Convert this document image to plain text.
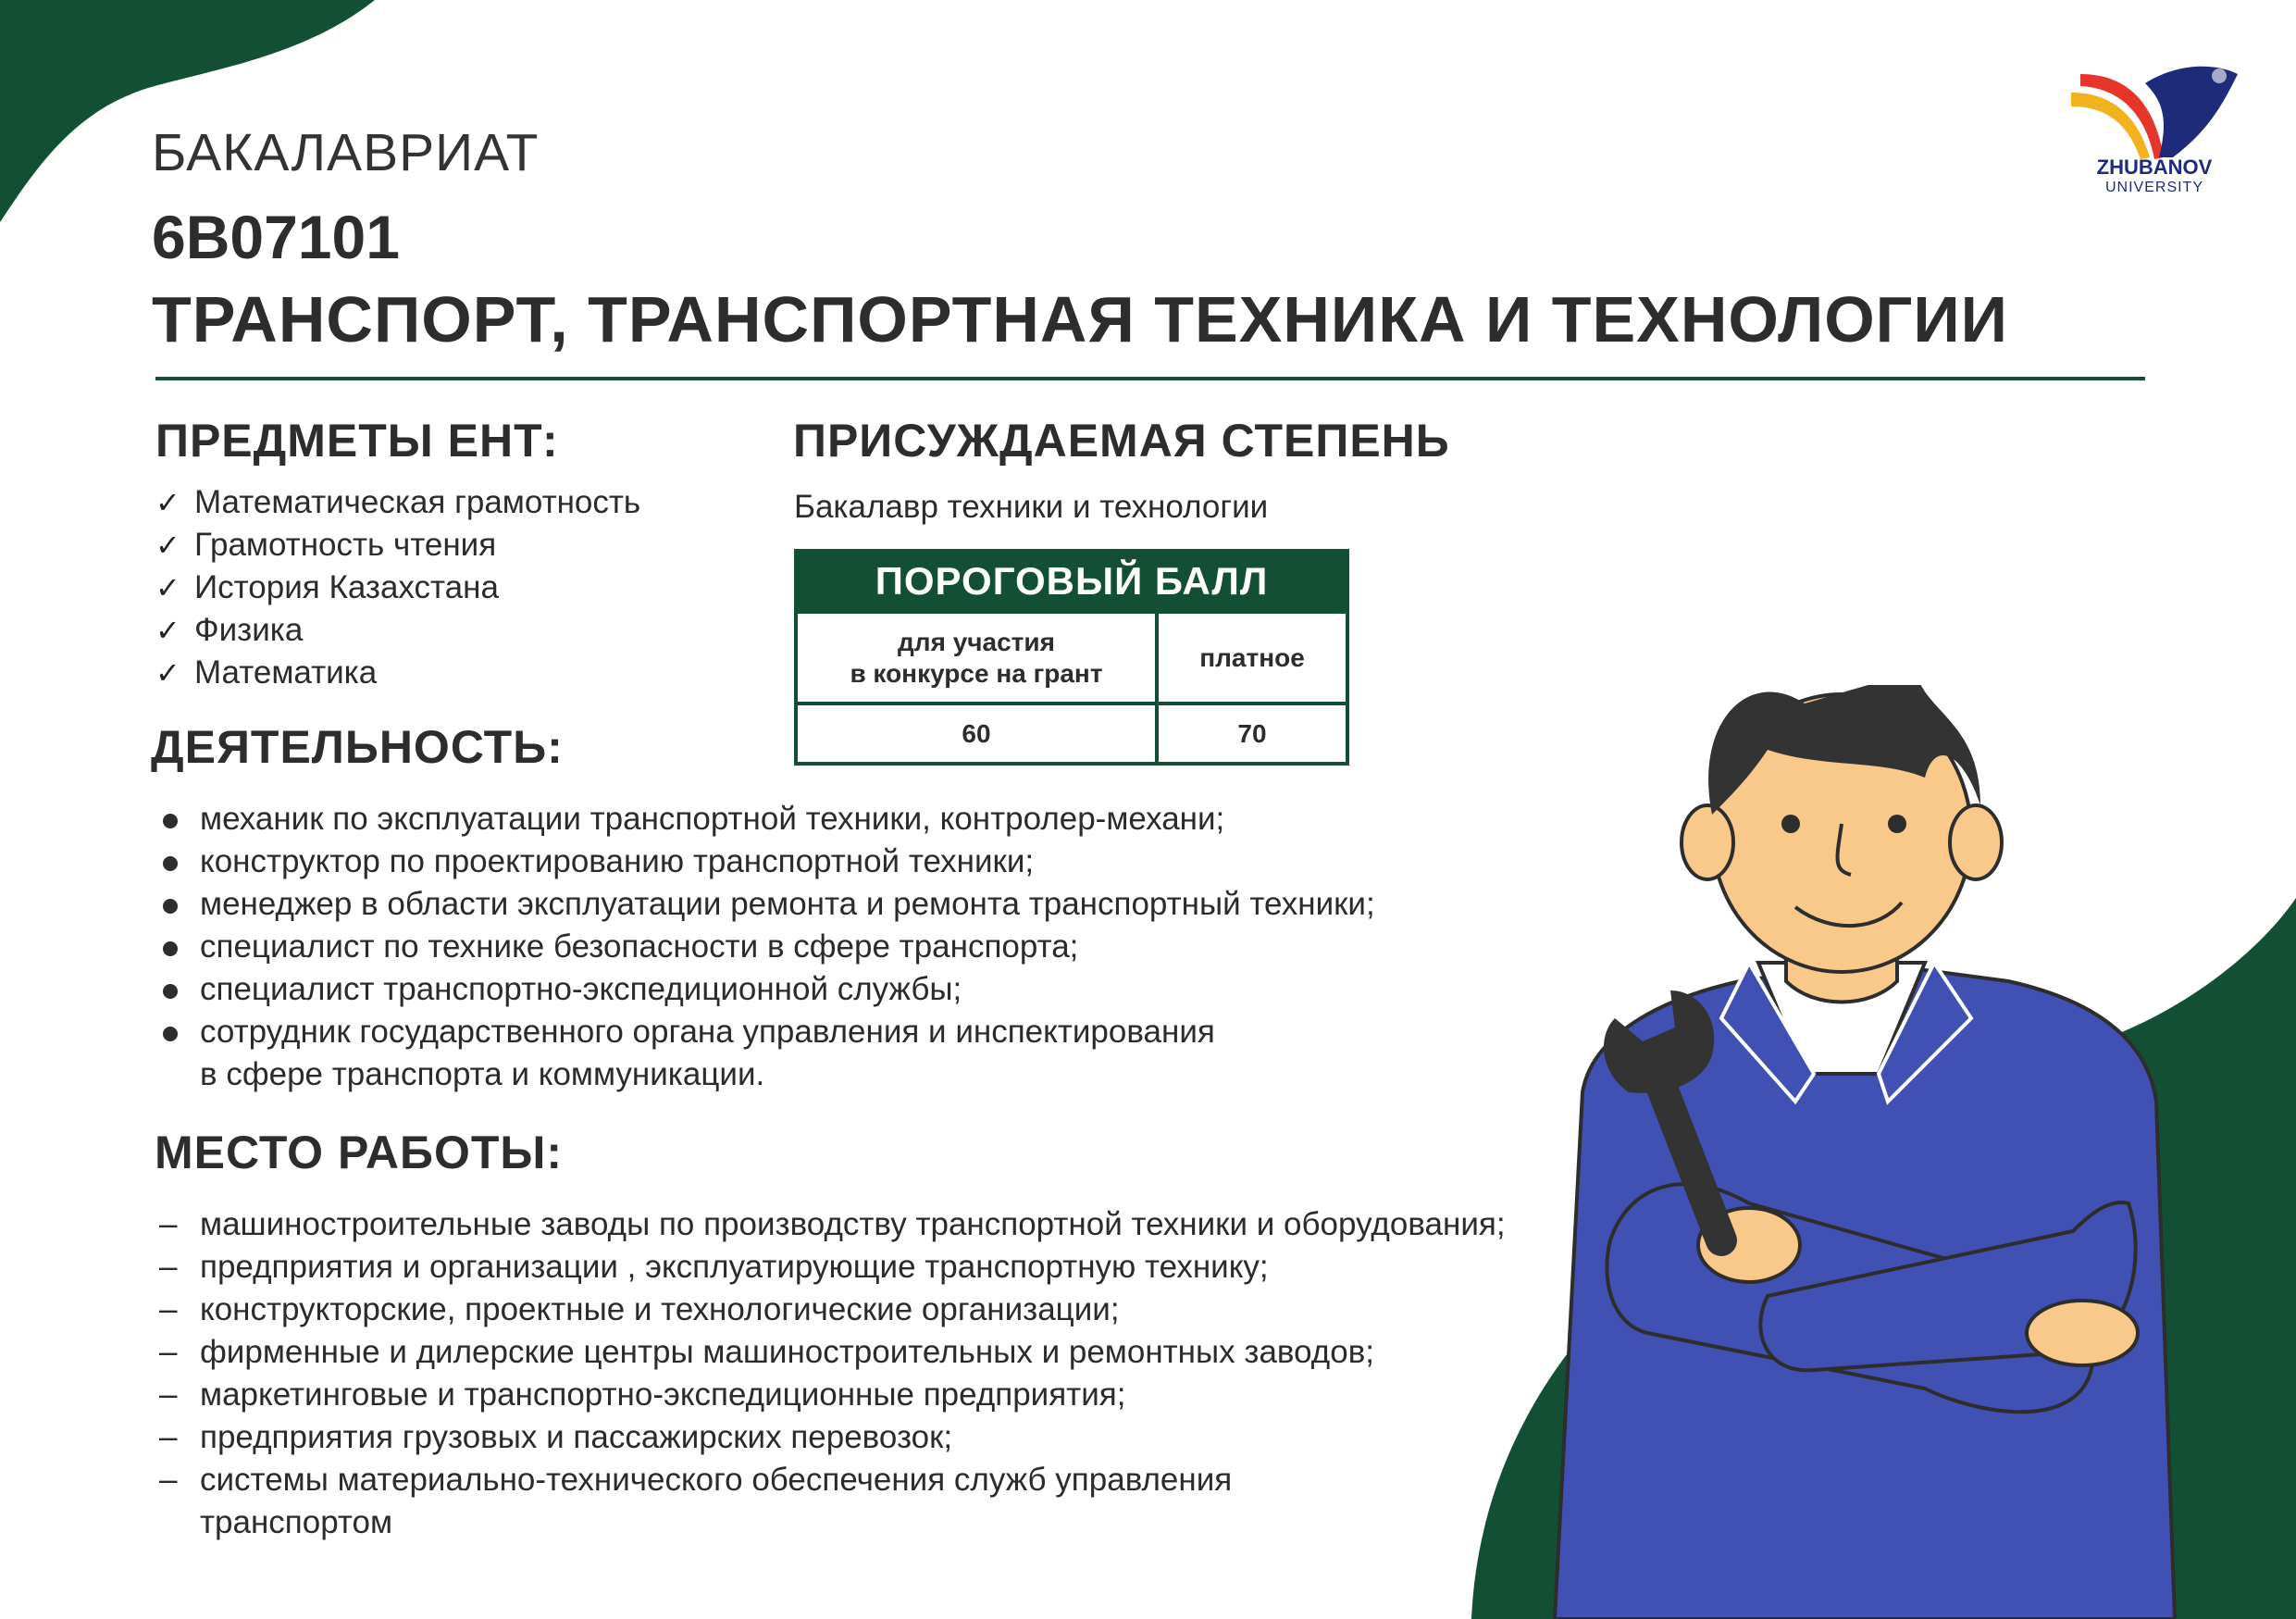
ZHUBANOV
UNIVERSITY
БАКАЛАВРИАТ
6B07101
ТРАНСПОРТ, ТРАНСПОРТНАЯ ТЕХНИКА И ТЕХНОЛОГИИ
ПРЕДМЕТЫ ЕНТ:
✓ Математическая грамотность
✓ Грамотность чтения
✓ История Казахстана
✓ Физика
✓ Математика
ПРИСУЖДАЕМАЯ СТЕПЕНЬ
Бакалавр техники и технологии
ПОРОГОВЫЙ БАЛЛ
для участия
в конкурсе на грант
платное
60	70
ДЕЯТЕЛЬНОСТЬ:
механик по эксплуатации транспортной техники, контролер-механи;
конструктор по проектированию транспортной техники;
менеджер в области эксплуатации ремонта и ремонта транспортный техники;
специалист по технике безопасности в сфере транспорта;
специалист транспортно-экспедиционной службы;
сотрудник государственного органа управления и инспектирования
в сфере транспорта и коммуникации.
МЕСТО РАБОТЫ:
– машиностроительные заводы по производству транспортной техники и оборудования;
– предприятия и организации , эксплуатирующие транспортную технику;
– конструкторские, проектные и технологические организации;
– фирменные и дилерские центры машиностроительных и ремонтных заводов;
– маркетинговые и транспортно-экспедиционные предприятия;
– предприятия грузовых и пассажирских перевозок;
– системы материально-технического обеспечения служб управления
транспортом
